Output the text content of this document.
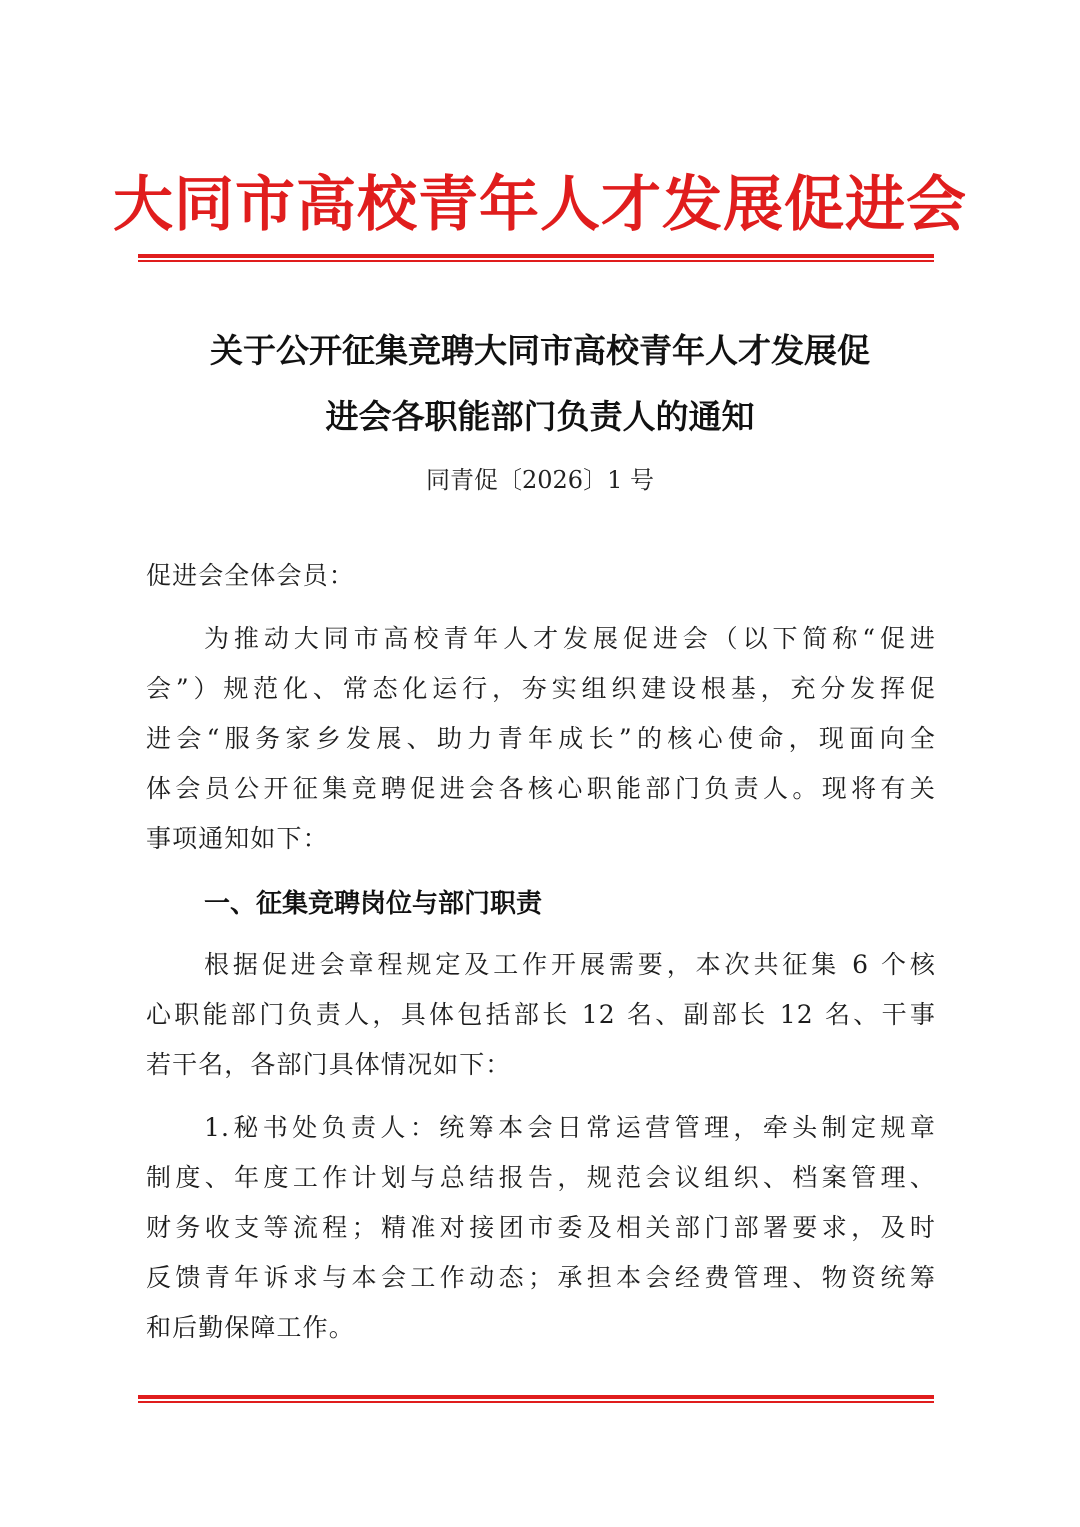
大同市高校青年人才发展促进会
关于公开征集竞聘大同市高校青年人才发展促
进会各职能部门负责人的通知
同青促〔2026〕1 号
促进会全体会员：
为推动大同市高校青年人才发展促进会（以下简称“促进
会”）规范化、常态化运行，夯实组织建设根基，充分发挥促
进会“服务家乡发展、助力青年成长”的核心使命，现面向全
体会员公开征集竞聘促进会各核心职能部门负责人。现将有关
事项通知如下：
一、征集竞聘岗位与部门职责
根据促进会章程规定及工作开展需要，本次共征集 6 个核
心职能部门负责人，具体包括部长 12 名、副部长 12 名、干事
若干名，各部门具体情况如下：
1.秘书处负责人：统筹本会日常运营管理，牵头制定规章
制度、年度工作计划与总结报告，规范会议组织、档案管理、
财务收支等流程；精准对接团市委及相关部门部署要求，及时
反馈青年诉求与本会工作动态；承担本会经费管理、物资统筹
和后勤保障工作。
